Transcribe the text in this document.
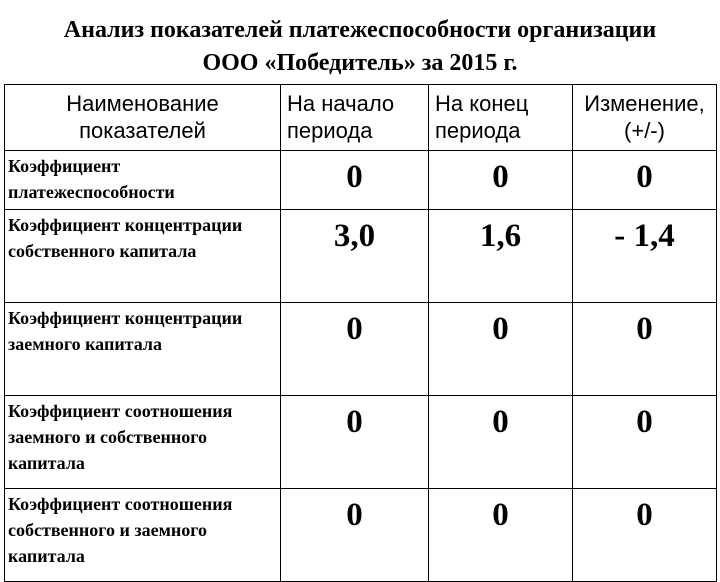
Анализ показателей платежеспособности организации
ООО «Победитель» за 2015 г.
Наименование показателей	На начало периода	На конец периода	Изменение, (+/-)
Коэффициент платежеспособности	0	0	0
Коэффициент концентрации собственного капитала	3,0	1,6	- 1,4
Коэффициент концентрации заемного капитала	0	0	0
Коэффициент соотношения заемного и собственного капитала	0	0	0
Коэффициент соотношения собственного и заемного капитала	0	0	0
